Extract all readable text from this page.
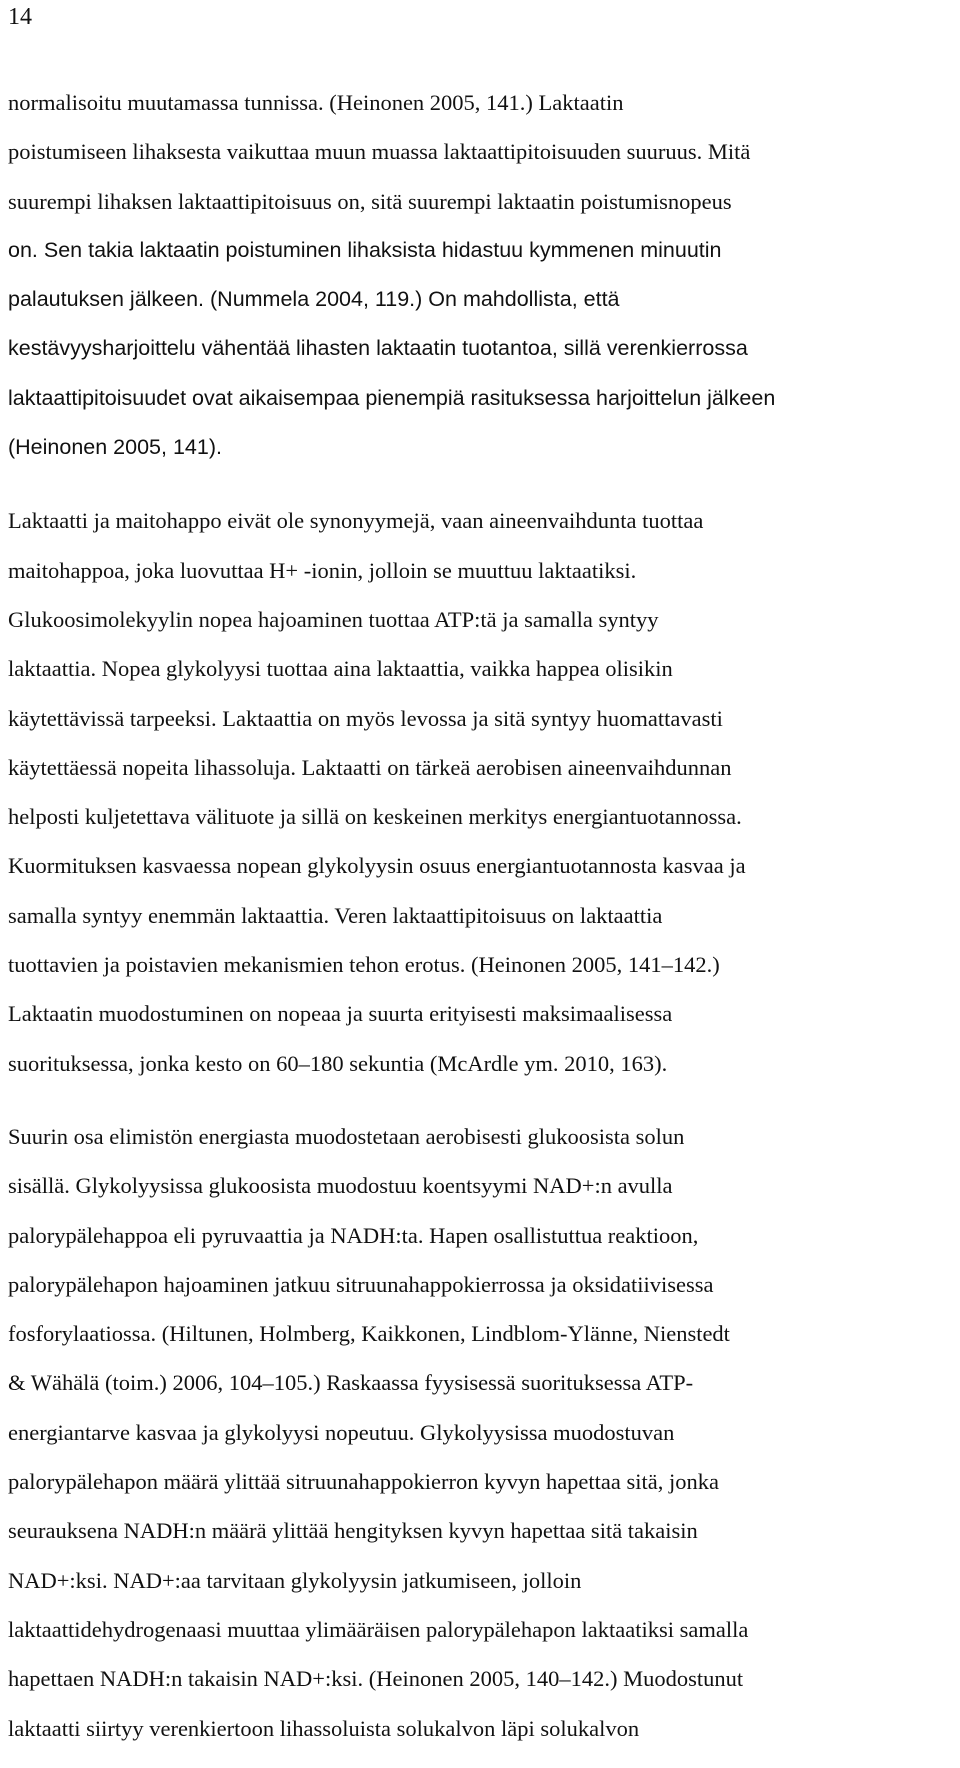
14
normalisoitu muutamassa tunnissa. (Heinonen 2005, 141.) Laktaatin
poistumiseen lihaksesta vaikuttaa muun muassa laktaattipitoisuuden suuruus. Mitä
suurempi lihaksen laktaattipitoisuus on, sitä suurempi laktaatin poistumisnopeus
on. Sen takia laktaatin poistuminen lihaksista hidastuu kymmenen minuutin
palautuksen jälkeen. (Nummela 2004, 119.) On mahdollista, että
kestävyysharjoittelu vähentää lihasten laktaatin tuotantoa, sillä verenkierrossa
laktaattipitoisuudet ovat aikaisempaa pienempiä rasituksessa harjoittelun jälkeen
(Heinonen 2005, 141).
Laktaatti ja maitohappo eivät ole synonyymejä, vaan aineenvaihdunta tuottaa
maitohappoa, joka luovuttaa H+ -ionin, jolloin se muuttuu laktaatiksi.
Glukoosimolekyylin nopea hajoaminen tuottaa ATP:tä ja samalla syntyy
laktaattia. Nopea glykolyysi tuottaa aina laktaattia, vaikka happea olisikin
käytettävissä tarpeeksi. Laktaattia on myös levossa ja sitä syntyy huomattavasti
käytettäessä nopeita lihassoluja. Laktaatti on tärkeä aerobisen aineenvaihdunnan
helposti kuljetettava välituote ja sillä on keskeinen merkitys energiantuotannossa.
Kuormituksen kasvaessa nopean glykolyysin osuus energiantuotannosta kasvaa ja
samalla syntyy enemmän laktaattia. Veren laktaattipitoisuus on laktaattia
tuottavien ja poistavien mekanismien tehon erotus. (Heinonen 2005, 141–142.)
Laktaatin muodostuminen on nopeaa ja suurta erityisesti maksimaalisessa
suorituksessa, jonka kesto on 60–180 sekuntia (McArdle ym. 2010, 163).
Suurin osa elimistön energiasta muodostetaan aerobisesti glukoosista solun
sisällä. Glykolyysissa glukoosista muodostuu koentsyymi NAD+:n avulla
palorypälehappoa eli pyruvaattia ja NADH:ta. Hapen osallistuttua reaktioon,
palorypälehapon hajoaminen jatkuu sitruunahappokierrossa ja oksidatiivisessa
fosforylaatiossa. (Hiltunen, Holmberg, Kaikkonen, Lindblom-Ylänne, Nienstedt
& Wähälä (toim.) 2006, 104–105.) Raskaassa fyysisessä suorituksessa ATP-
energiantarve kasvaa ja glykolyysi nopeutuu. Glykolyysissa muodostuvan
palorypälehapon määrä ylittää sitruunahappokierron kyvyn hapettaa sitä, jonka
seurauksena NADH:n määrä ylittää hengityksen kyvyn hapettaa sitä takaisin
NAD+:ksi. NAD+:aa tarvitaan glykolyysin jatkumiseen, jolloin
laktaattidehydrogenaasi muuttaa ylimääräisen palorypälehapon laktaatiksi samalla
hapettaen NADH:n takaisin NAD+:ksi. (Heinonen 2005, 140–142.) Muodostunut
laktaatti siirtyy verenkiertoon lihassoluista solukalvon läpi solukalvon
